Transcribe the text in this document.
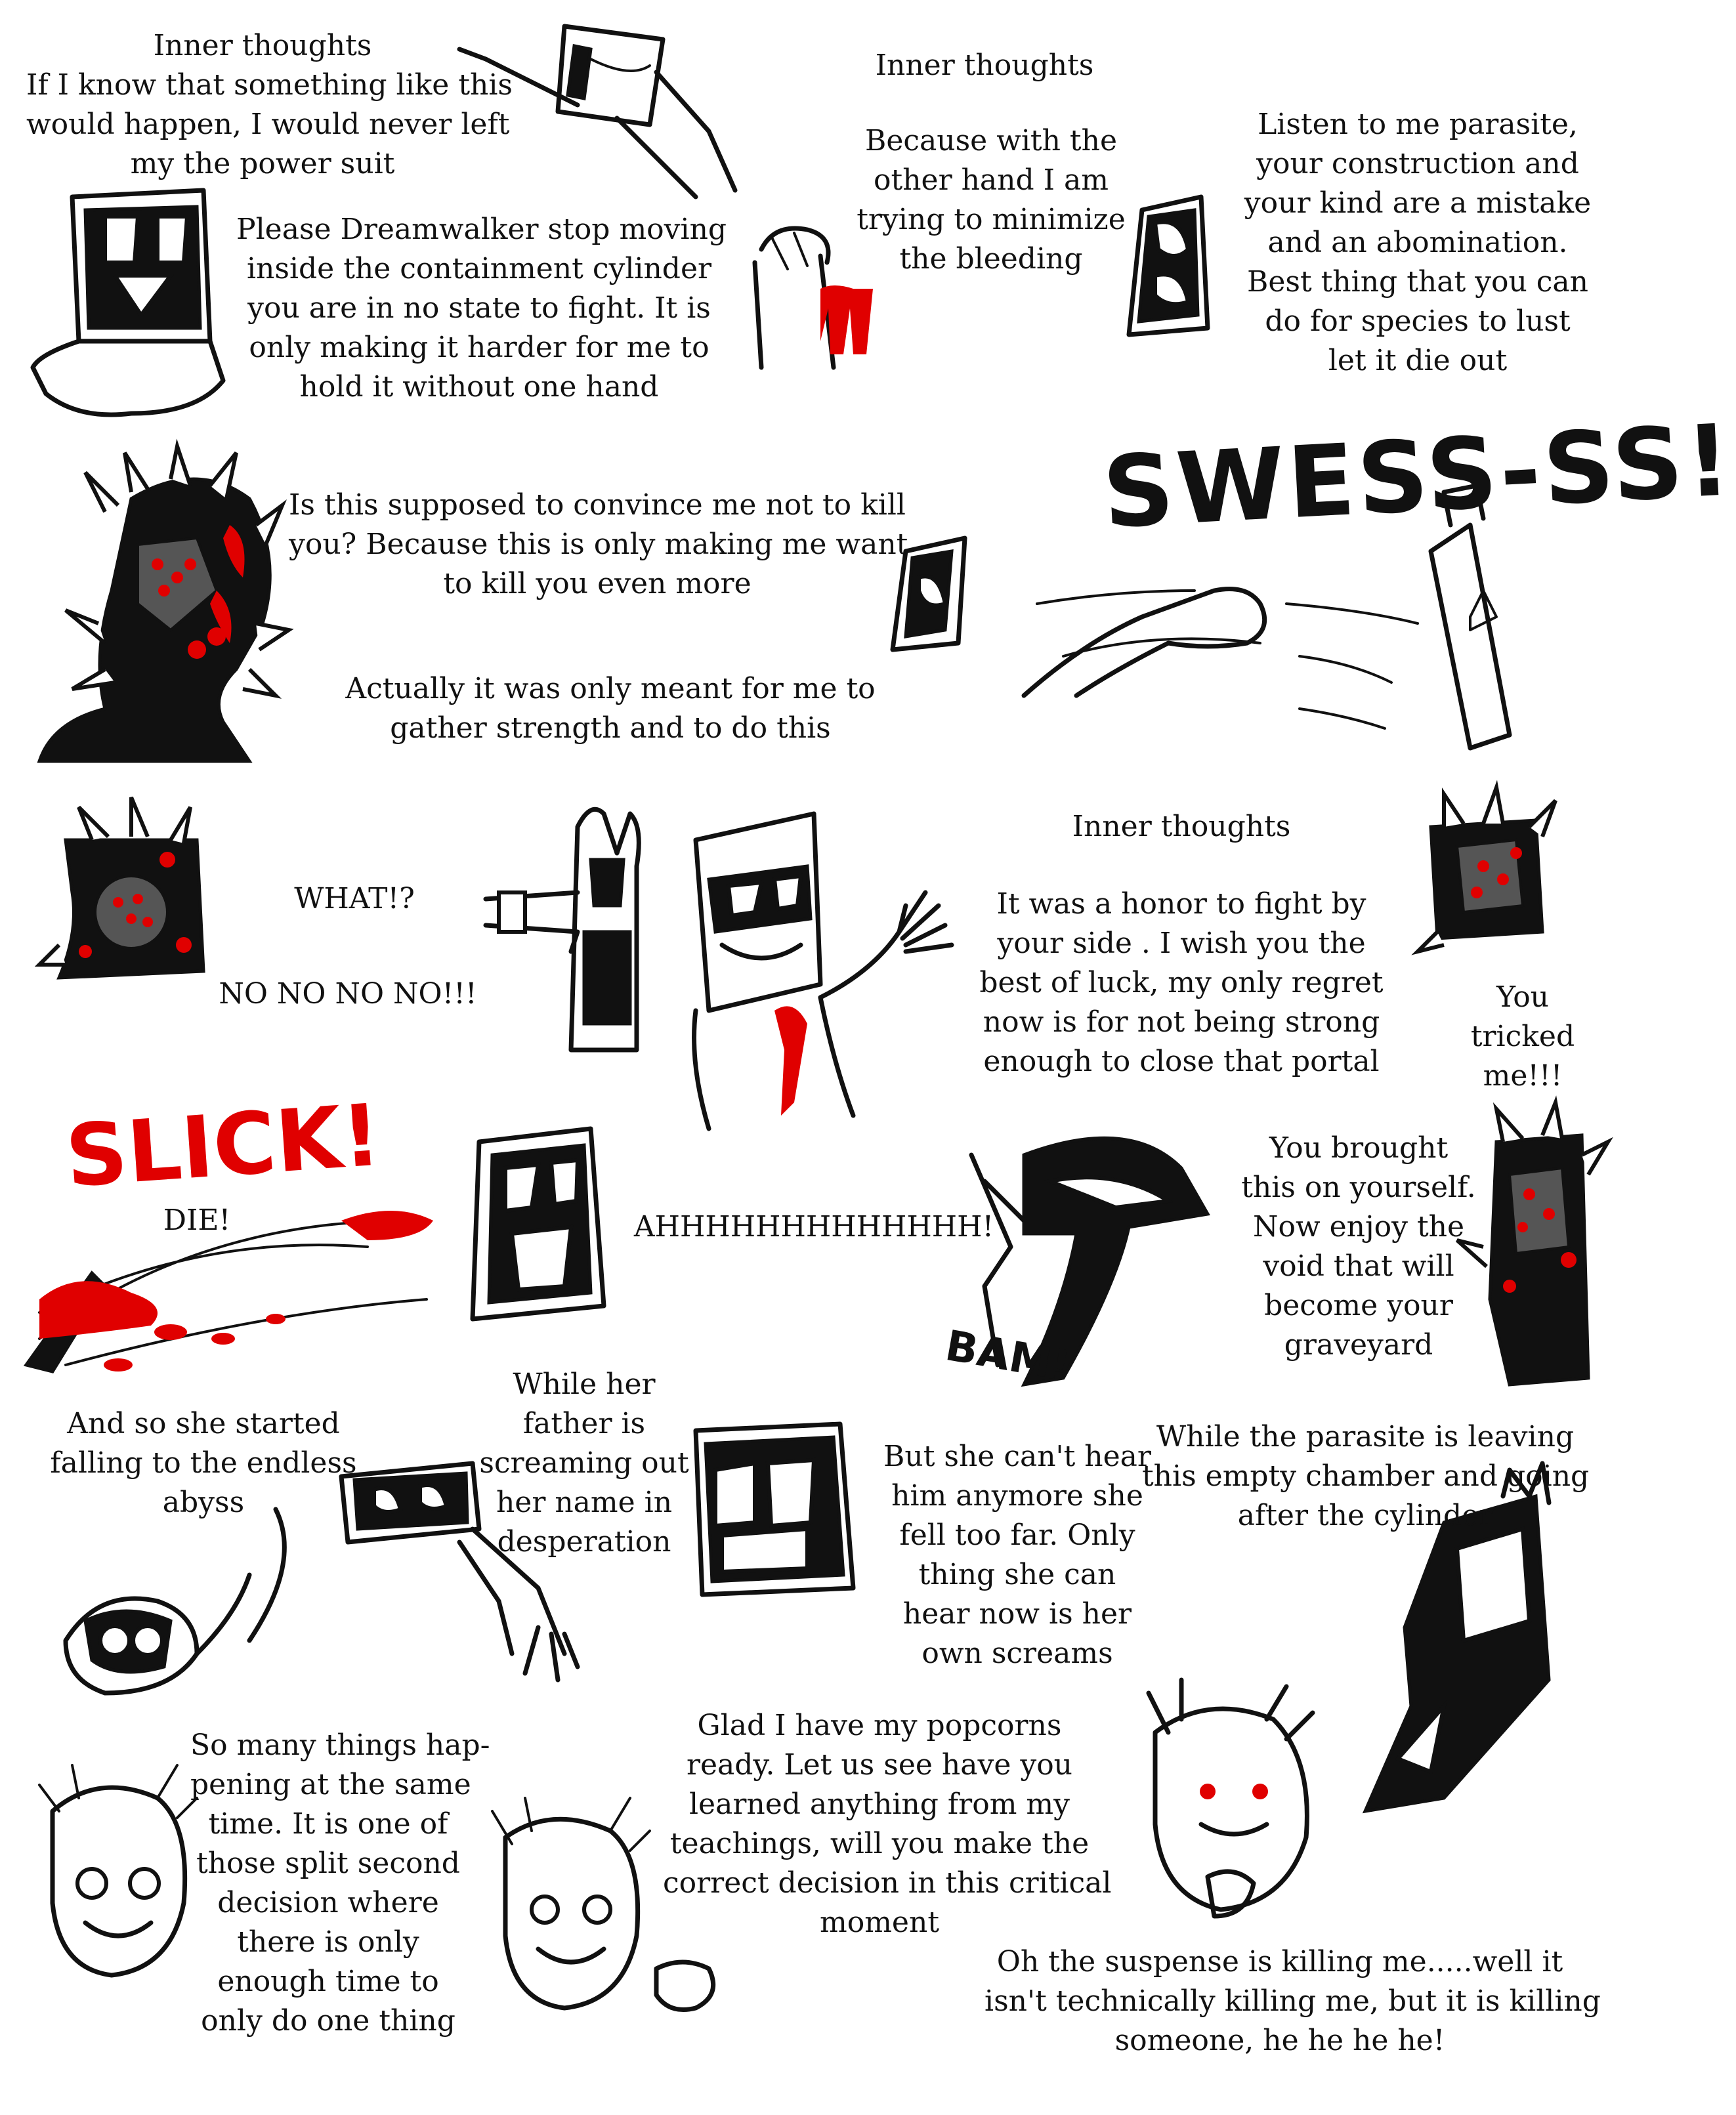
Inner thoughts
If I know that something like this
would happen, I would never left
my the power suit
Please Dreamwalker stop moving
inside the containment cylinder
you are in no state to fight. It is
only making it harder for me to
hold it without one hand
Inner thoughts
Because with the
other hand I am
trying to minimize
the bleeding
Listen to me parasite,
your construction and
your kind are a mistake
and an abomination.
Best thing that you can
do for species to lust
let it die out
Is this supposed to convince me not to kill
you? Because this is only making me want
to kill you even more
Actually it was only meant for me to
gather strength and to do this
WHAT!?
NO NO NO NO!!!
Inner thoughts
It was a honor to fight by
your side . I wish you the
best of luck, my only regret
now is for not being strong
enough to close that portal
You
tricked
me!!!
DIE!	AHHHHHHHHHHHHH!
You brought
this on yourself.
Now enjoy the
void that will
become your
graveyard
And so she started
falling to the endless
abyss
While her
father is
screaming out
her name in
desperation
But she can't hear
him anymore she
fell too far. Only
thing she can
hear now is her
own screams
While the parasite is leaving
this empty chamber and going
after the cylinder
So many things hap-
pening at the same
time. It is one of
those split second
decision where
there is only
enough time to
only do one thing
Glad I have my popcorns
ready. Let us see have you
learned anything from my
teachings, will you make the
correct decision in this critical
moment
Oh the suspense is killing me.....well it
isn't technically killing me, but it is killing
someone, he he he he!
SWESS-SS!
SLICK!
BAM!
